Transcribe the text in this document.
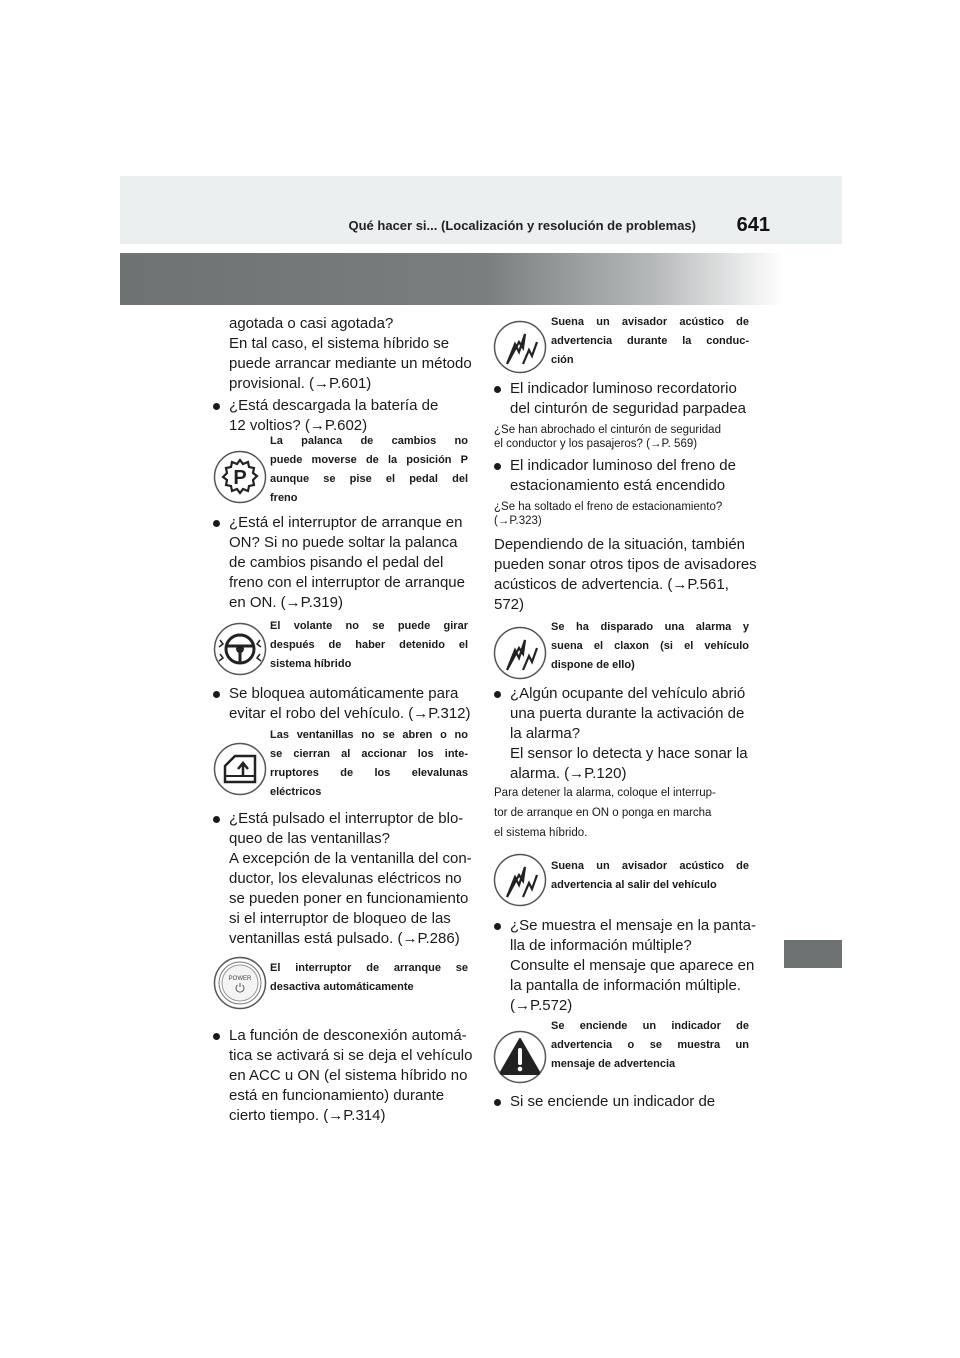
Qué hacer si... (Localización y resolución de problemas) 641
agotada o casi agotada?
En tal caso, el sistema híbrido se
puede arrancar mediante un método
provisional. (→P.601)
¿Está descargada la batería de
12 voltios? (→P.602)
P
La palanca de cambios no
puede moverse de la posición P
aunque se pise el pedal del
freno
¿Está el interruptor de arranque en
ON? Si no puede soltar la palanca
de cambios pisando el pedal del
freno con el interruptor de arranque
en ON. (→P.319)
El volante no se puede girar
después de haber detenido el
sistema híbrido
Se bloquea automáticamente para
evitar el robo del vehículo. (→P.312)
Las ventanillas no se abren o no
se cierran al accionar los inte-
rruptores de los elevalunas
eléctricos
¿Está pulsado el interruptor de blo-
queo de las ventanillas?
A excepción de la ventanilla del con-
ductor, los elevalunas eléctricos no
se pueden poner en funcionamiento
si el interruptor de bloqueo de las
ventanillas está pulsado. (→P.286)
POWER
El interruptor de arranque se
desactiva automáticamente
La función de desconexión automá-
tica se activará si se deja el vehículo
en ACC u ON (el sistema híbrido no
está en funcionamiento) durante
cierto tiempo. (→P.314)
Suena un avisador acústico de
advertencia durante la conduc-
ción
El indicador luminoso recordatorio
del cinturón de seguridad parpadea
¿Se han abrochado el cinturón de seguridad
el conductor y los pasajeros? (→P. 569)
El indicador luminoso del freno de
estacionamiento está encendido
¿Se ha soltado el freno de estacionamiento?
(→P.323)
Dependiendo de la situación, también
pueden sonar otros tipos de avisadores
acústicos de advertencia. (→P.561,
572)
Se ha disparado una alarma y
suena el claxon (si el vehículo
dispone de ello)
¿Algún ocupante del vehículo abrió
una puerta durante la activación de
la alarma?
El sensor lo detecta y hace sonar la
alarma. (→P.120)
Para detener la alarma, coloque el interrup-
tor de arranque en ON o ponga en marcha
el sistema híbrido.
Suena un avisador acústico de
advertencia al salir del vehículo
¿Se muestra el mensaje en la panta-
lla de información múltiple?
Consulte el mensaje que aparece en
la pantalla de información múltiple.
(→P.572)
Se enciende un indicador de
advertencia o se muestra un
mensaje de advertencia
Si se enciende un indicador de
